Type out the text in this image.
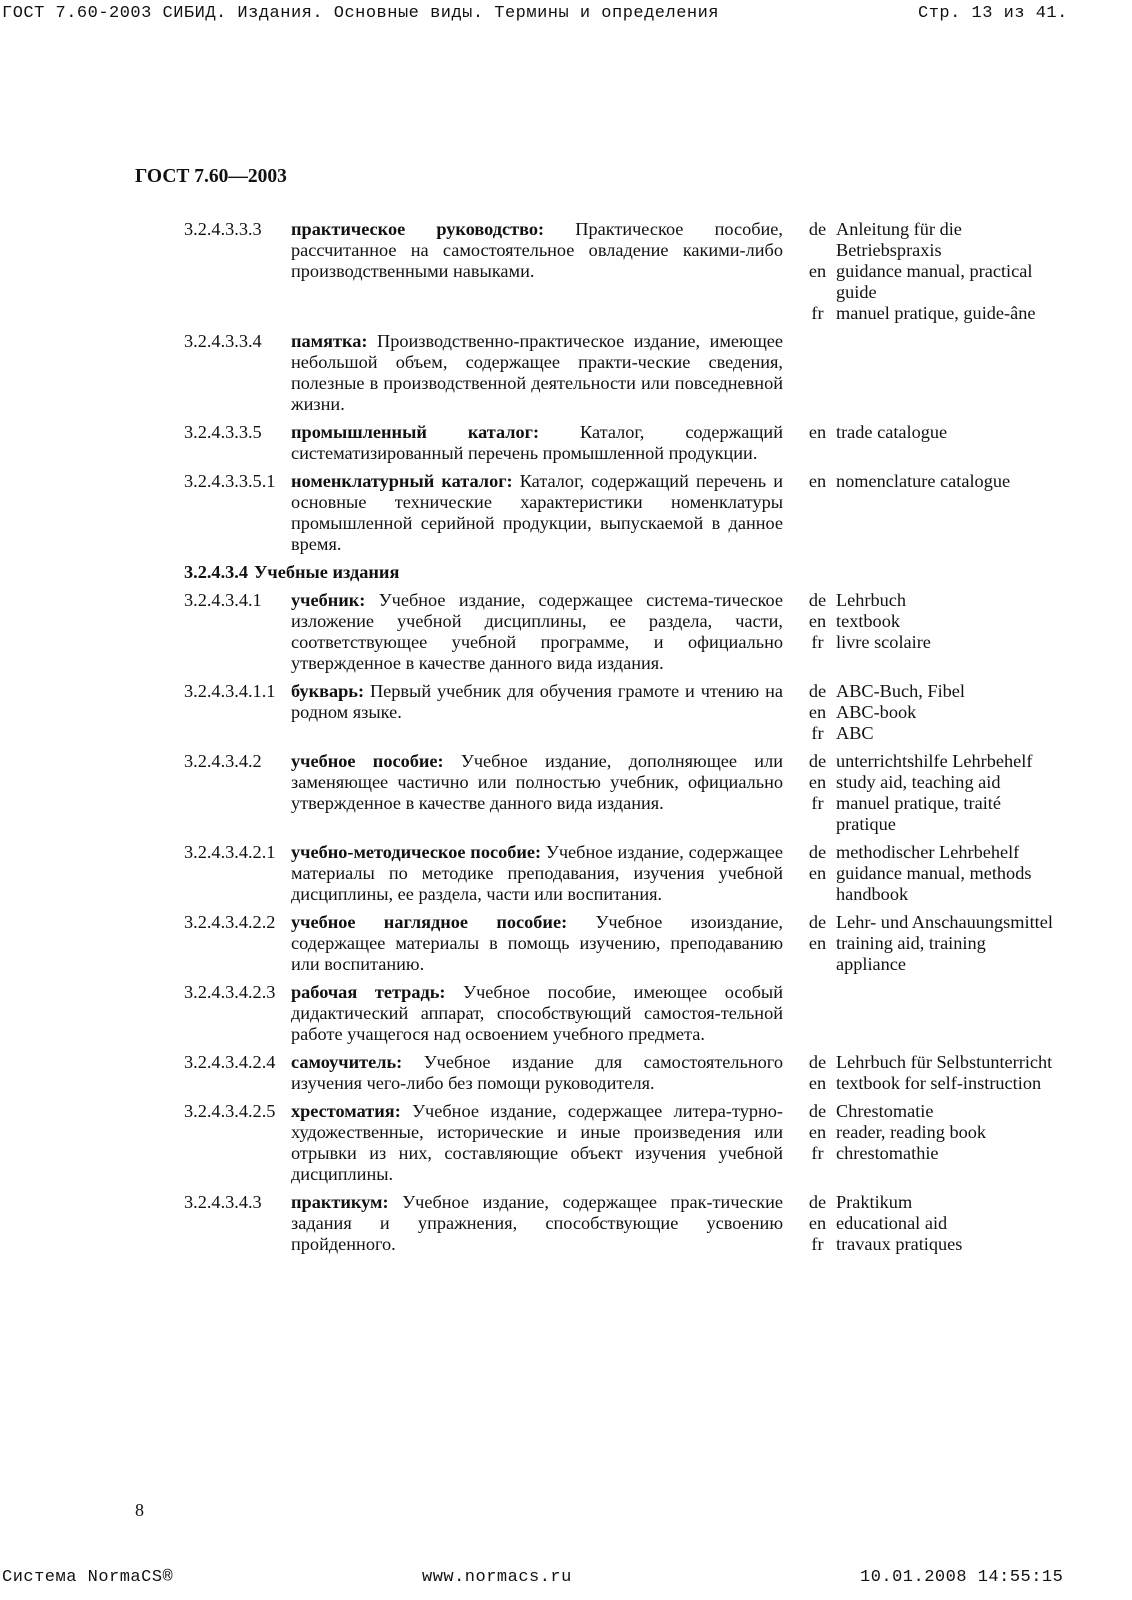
ГОСТ 7.60-2003 СИБИД. Издания. Основные виды. Термины и определения	Стр. 13 из 41.
ГОСТ 7.60—2003
3.2.4.3.3.3	практическое руководство: Практическое пособие, рассчитанное на самостоятельное овладение какими-либо производственными навыками.
de Anleitung für die Betriebspraxis
en guidance manual, practical guide
fr manuel pratique, guide-âne
3.2.4.3.3.4	памятка: Производственно-практическое издание, имеющее небольшой объем, содержащее практи-ческие сведения, полезные в производственной деятельности или повседневной жизни.
3.2.4.3.3.5	промышленный каталог: Каталог, содержащий систематизированный перечень промышленной продукции.
en trade catalogue
3.2.4.3.3.5.1 номенклатурный каталог: Каталог, содержащий перечень и основные технические характеристики номенклатуры промышленной серийной продукции, выпускаемой в данное время.
en nomenclature catalogue
3.2.4.3.4 Учебные издания
3.2.4.3.4.1	учебник: Учебное издание, содержащее система-тическое изложение учебной дисциплины, ее раздела, части, соответствующее учебной программе, и официально утвержденное в качестве данного вида издания.
de Lehrbuch
en textbook
fr livre scolaire
3.2.4.3.4.1.1 букварь: Первый учебник для обучения грамоте и чтению на родном языке.
de ABC-Buch, Fibel
en ABC-book
fr ABC
3.2.4.3.4.2	учебное пособие: Учебное издание, дополняющее или заменяющее частично или полностью учебник, официально утвержденное в качестве данного вида издания.
de unterrichtshilfe Lehrbehelf
en study aid, teaching aid
fr manuel pratique, traité pratique
3.2.4.3.4.2.1 учебно-методическое пособие: Учебное издание, содержащее материалы по методике преподавания, изучения учебной дисциплины, ее раздела, части или воспитания.
de methodischer Lehrbehelf
en guidance manual, methods handbook
3.2.4.3.4.2.2 учебное наглядное пособие: Учебное изоиздание, содержащее материалы в помощь изучению, преподаванию или воспитанию.
de Lehr- und Anschauungsmittel
en training aid, training appliance
3.2.4.3.4.2.3 рабочая тетрадь: Учебное пособие, имеющее особый дидактический аппарат, способствующий самостоя-тельной работе учащегося над освоением учебного предмета.
3.2.4.3.4.2.4 самоучитель: Учебное издание для самостоятельного изучения чего-либо без помощи руководителя.
de Lehrbuch für Selbstunterricht
en textbook for self-instruction
3.2.4.3.4.2.5 хрестоматия: Учебное издание, содержащее литера-турно-художественные, исторические и иные произведения или отрывки из них, составляющие объект изучения учебной дисциплины.
de Chrestomatie
en reader, reading book
fr chrestomathie
3.2.4.3.4.3	практикум: Учебное издание, содержащее прак-тические задания и упражнения, способствующие усвоению пройденного.
de Praktikum
en educational aid
fr travaux pratiques
8
Система NormaCS®	www.normacs.ru	10.01.2008 14:55:15
